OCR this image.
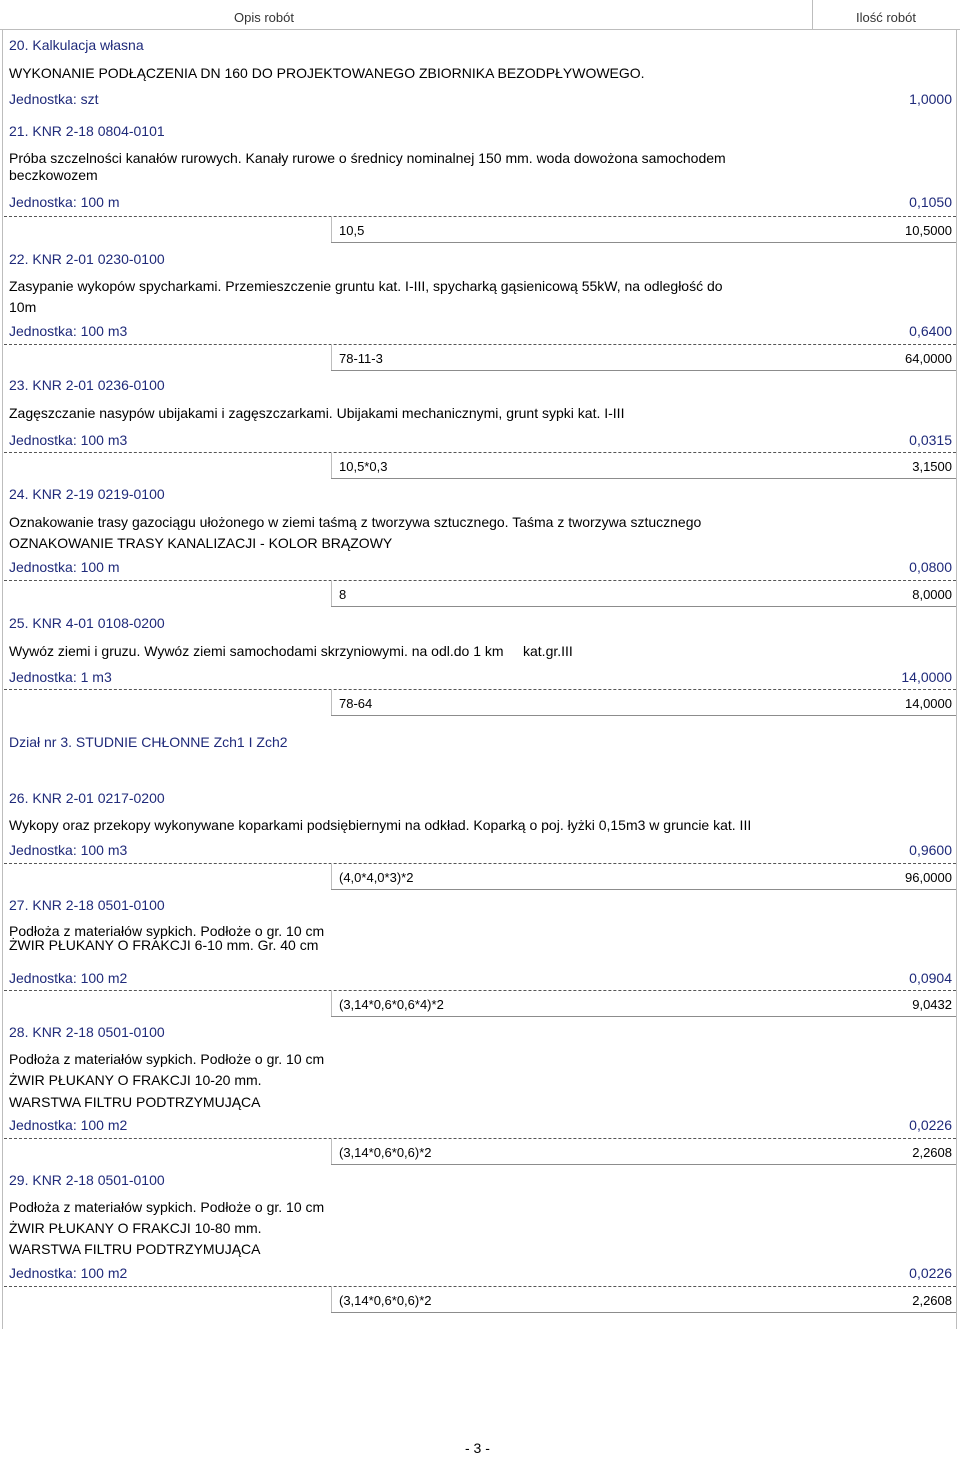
Opis robót	Ilość robót
20. Kalkulacja własna
WYKONANIE PODŁĄCZENIA DN 160 DO PROJEKTOWANEGO ZBIORNIKA BEZODPŁYWOWEGO.
Jednostka: szt	1,0000
21. KNR 2-18 0804-0101
Próba szczelności kanałów rurowych. Kanały rurowe o średnicy nominalnej 150 mm. woda dowożona samochodem
beczkowozem
Jednostka: 100 m	0,1050
10,5	10,5000
22. KNR 2-01 0230-0100
Zasypanie wykopów spycharkami. Przemieszczenie gruntu kat. I-III, spycharką gąsienicową 55kW, na odległość do
10m
Jednostka: 100 m3	0,6400
78-11-3	64,0000
23. KNR 2-01 0236-0100
Zagęszczanie nasypów ubijakami i zagęszczarkami. Ubijakami mechanicznymi, grunt sypki kat. I-III
Jednostka: 100 m3	0,0315
10,5*0,3	3,1500
24. KNR 2-19 0219-0100
Oznakowanie trasy gazociągu ułożonego w ziemi taśmą z tworzywa sztucznego. Taśma z tworzywa sztucznego
OZNAKOWANIE TRASY KANALIZACJI - KOLOR BRĄZOWY
Jednostka: 100 m	0,0800
8	8,0000
25. KNR 4-01 0108-0200
Wywóz ziemi i gruzu. Wywóz ziemi samochodami skrzyniowymi. na odl.do 1 km     kat.gr.III
Jednostka: 1 m3	14,0000
78-64	14,0000
Dział nr 3. STUDNIE CHŁONNE Zch1 I Zch2
26. KNR 2-01 0217-0200
Wykopy oraz przekopy wykonywane koparkami podsiębiernymi na odkład. Koparką o poj. łyżki 0,15m3 w gruncie kat. III
Jednostka: 100 m3	0,9600
(4,0*4,0*3)*2	96,0000
27. KNR 2-18 0501-0100
Podłoża z materiałów sypkich. Podłoże o gr. 10 cm
ŻWIR PŁUKANY O FRAKCJI 6-10 mm. Gr. 40 cm
Jednostka: 100 m2	0,0904
(3,14*0,6*0,6*4)*2	9,0432
28. KNR 2-18 0501-0100
Podłoża z materiałów sypkich. Podłoże o gr. 10 cm
ŻWIR PŁUKANY O FRAKCJI 10-20 mm.
WARSTWA FILTRU PODTRZYMUJĄCA
Jednostka: 100 m2	0,0226
(3,14*0,6*0,6)*2	2,2608
29. KNR 2-18 0501-0100
Podłoża z materiałów sypkich. Podłoże o gr. 10 cm
ŻWIR PŁUKANY O FRAKCJI 10-80 mm.
WARSTWA FILTRU PODTRZYMUJĄCA
Jednostka: 100 m2	0,0226
(3,14*0,6*0,6)*2	2,2608
- 3 -
